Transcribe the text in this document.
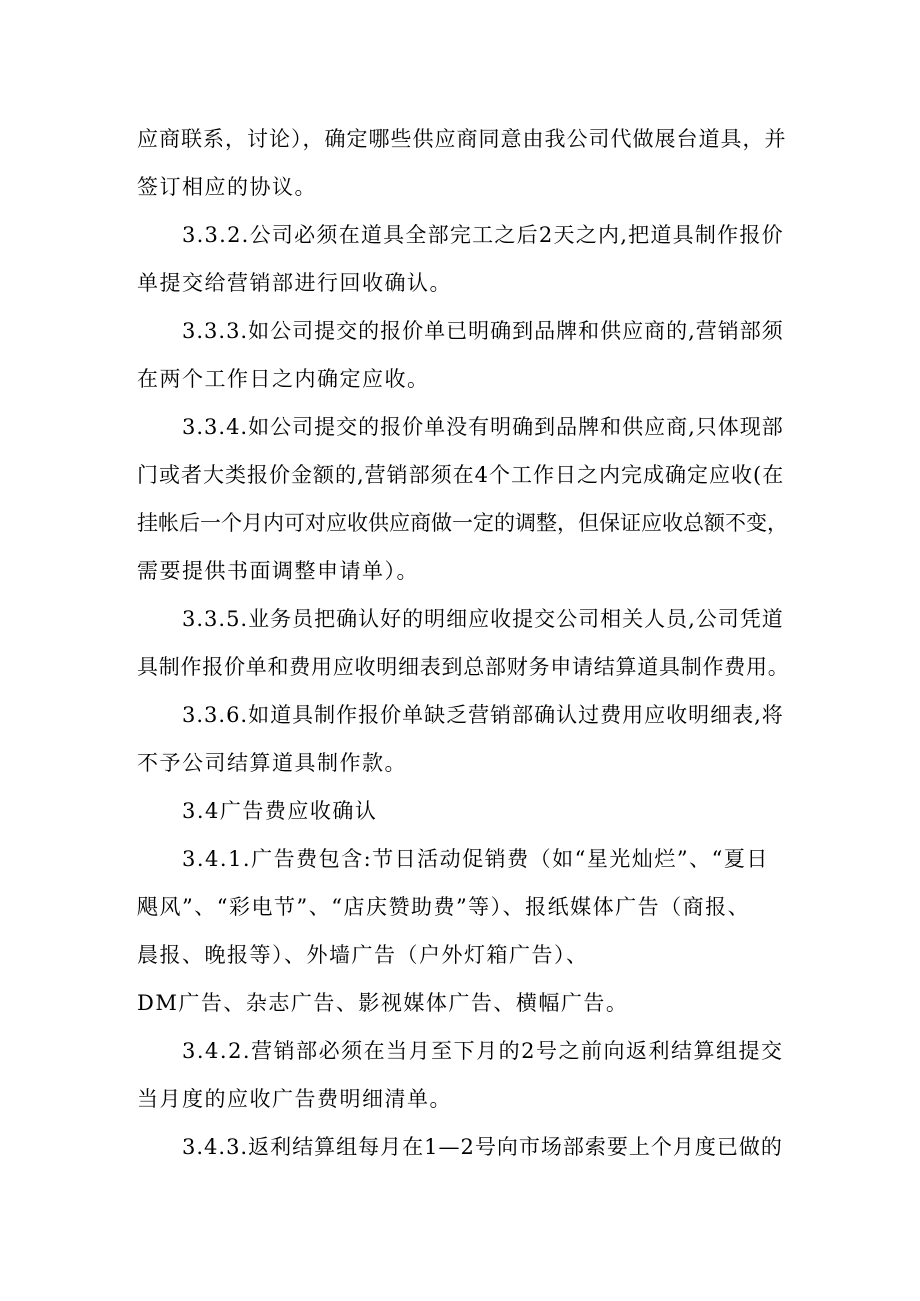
应商联系，讨论），确定哪些供应商同意由我公司代做展台道具，并
签订相应的协议。
3.3.2.公司必须在道具全部完工之后2天之内,把道具制作报价
单提交给营销部进行回收确认。
3.3.3.如公司提交的报价单已明确到品牌和供应商的,营销部须
在两个工作日之内确定应收。
3.3.4.如公司提交的报价单没有明确到品牌和供应商,只体现部
门或者大类报价金额的,营销部须在4个工作日之内完成确定应收(在
挂帐后一个月内可对应收供应商做一定的调整，但保证应收总额不变，
需要提供书面调整申请单）。
3.3.5.业务员把确认好的明细应收提交公司相关人员,公司凭道
具制作报价单和费用应收明细表到总部财务申请结算道具制作费用。
3.3.6.如道具制作报价单缺乏营销部确认过费用应收明细表,将
不予公司结算道具制作款。
3.4广告费应收确认
3.4.1.广告费包含:节日活动促销费（如“星光灿烂”、“夏日
飓风”、“彩电节”、“店庆赞助费”等）、报纸媒体广告（商报、
晨报、晚报等）、外墙广告（户外灯箱广告）、
DM广告、杂志广告、影视媒体广告、横幅广告。
3.4.2.营销部必须在当月至下月的2号之前向返利结算组提交
当月度的应收广告费明细清单。
3.4.3.返利结算组每月在1—2号向市场部索要上个月度已做的
